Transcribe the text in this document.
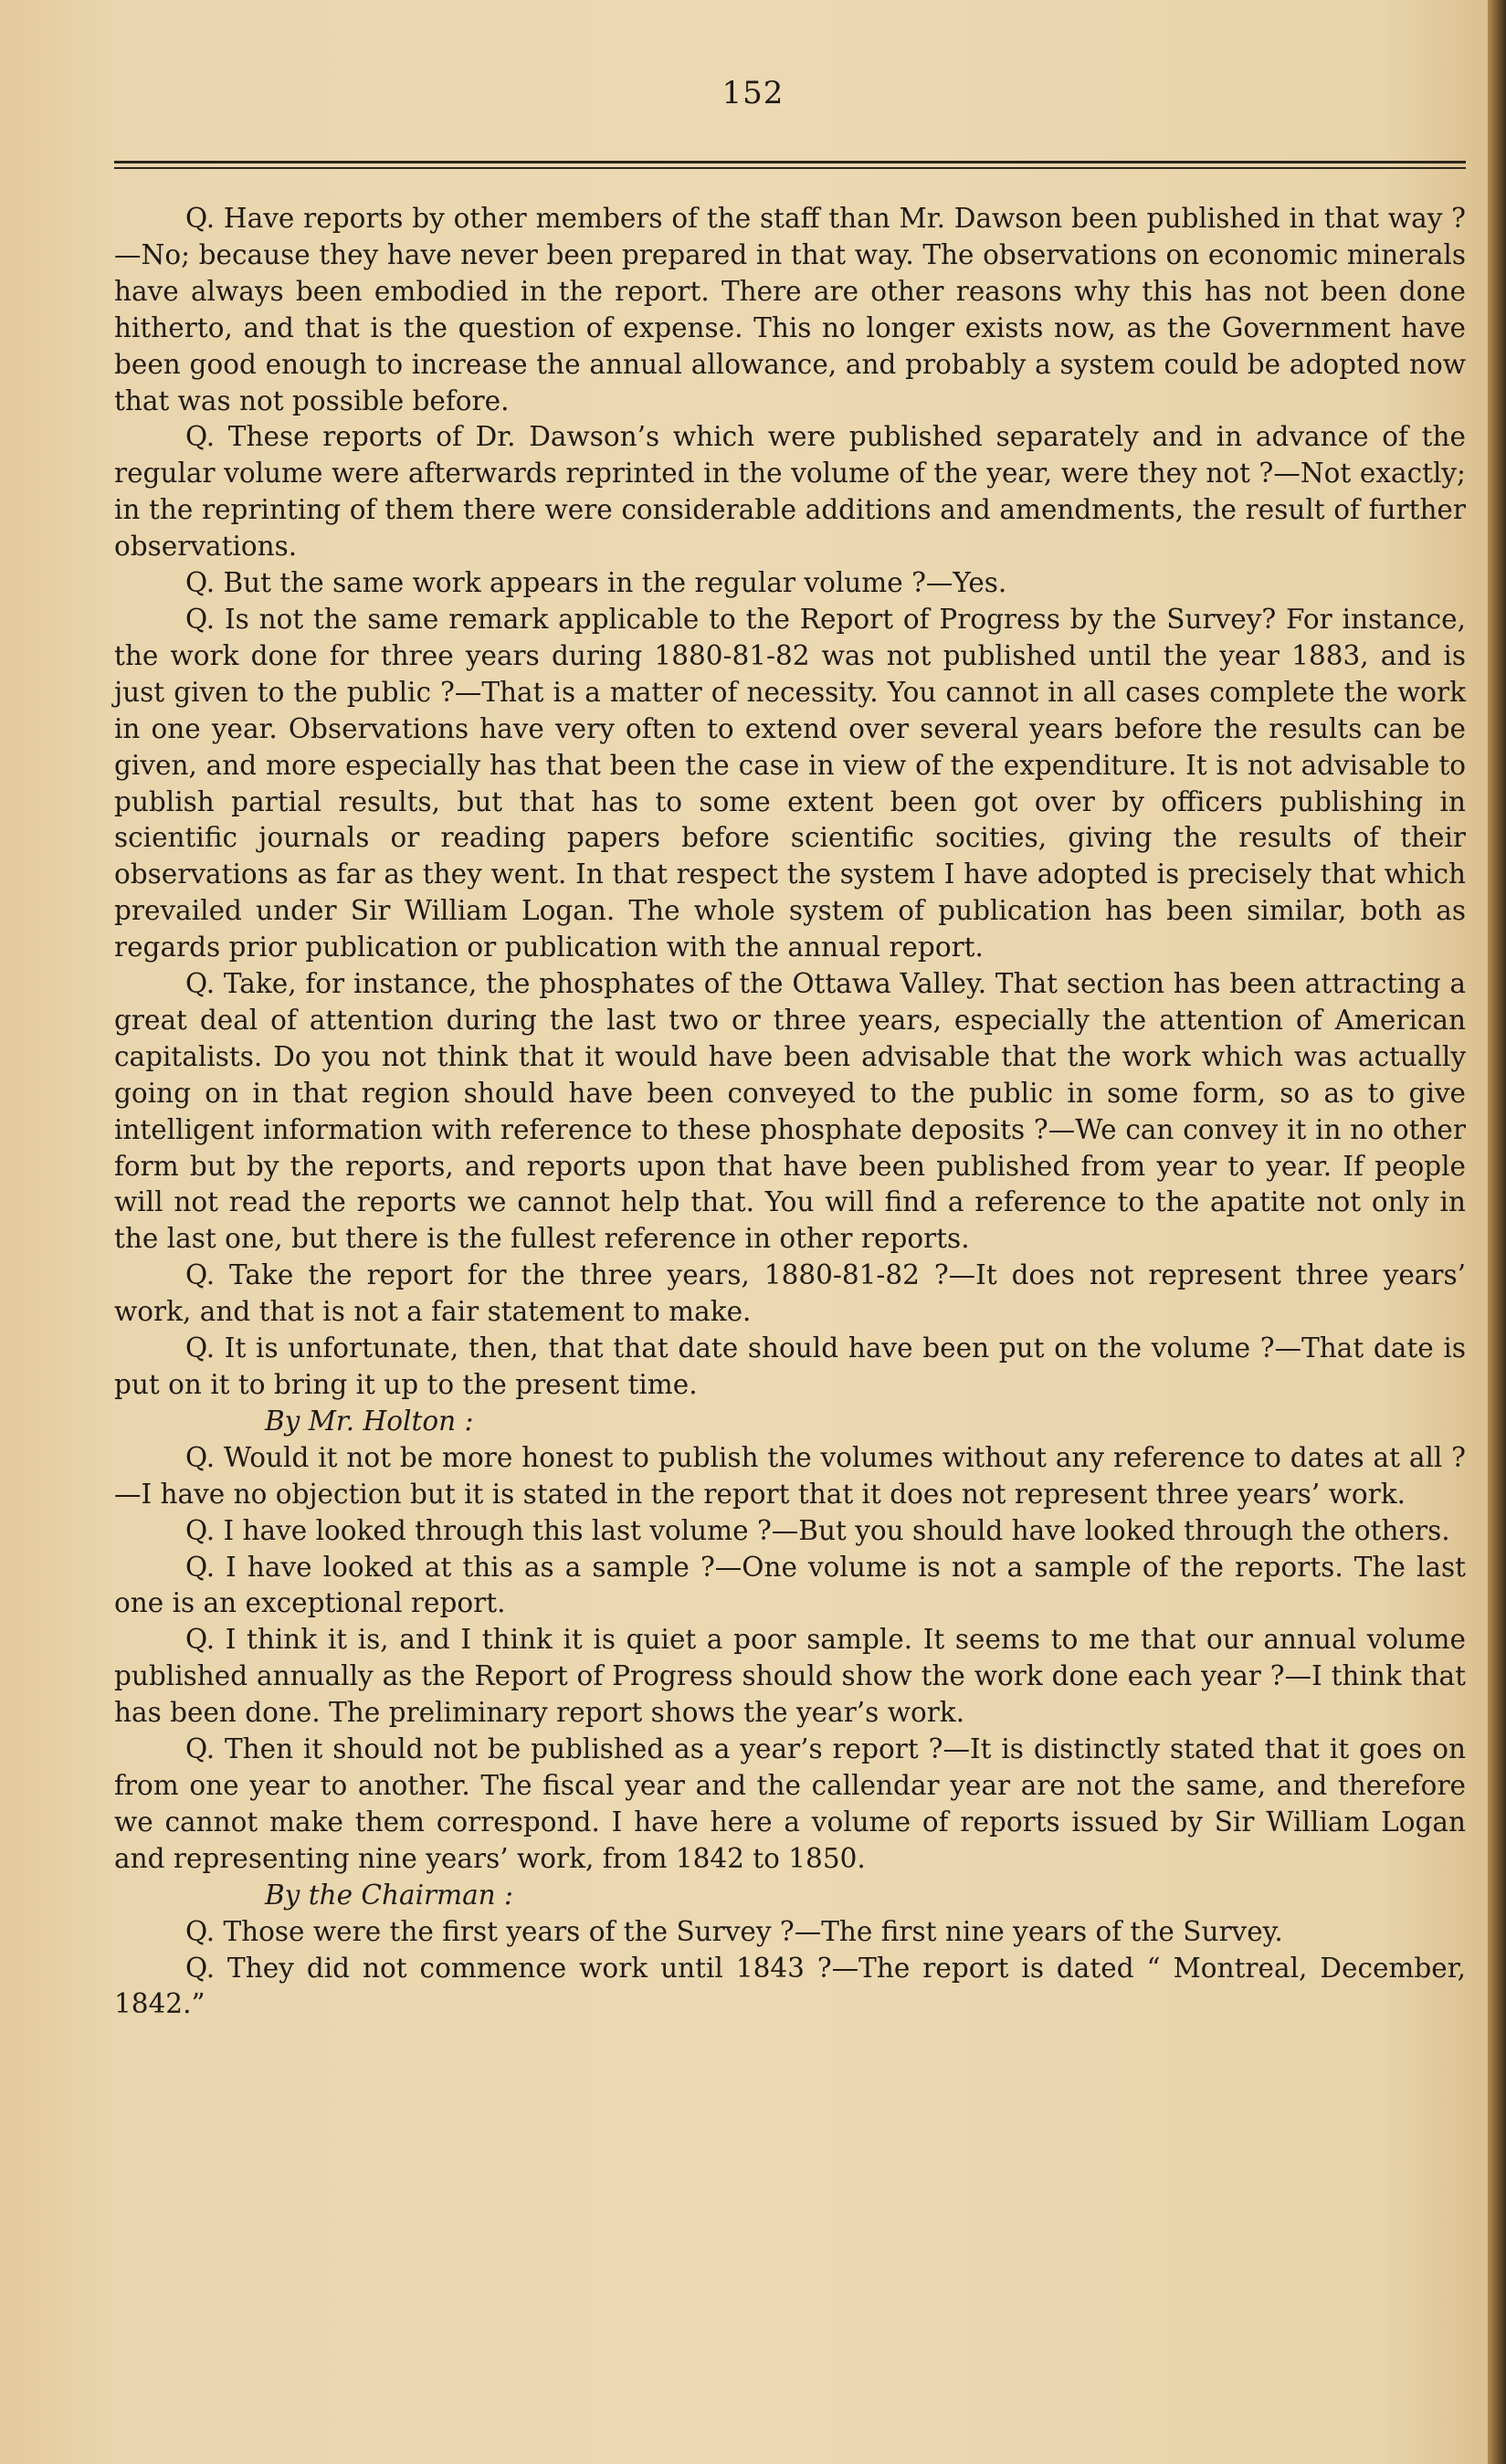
152

Q. Have reports by other members of the staff than Mr. Dawson been published in that way ?—No; because they have never been prepared in that way. The observations on economic minerals have always been embodied in the report. There are other reasons why this has not been done hitherto, and that is the question of expense. This no longer exists now, as the Government have been good enough to increase the annual allowance, and probably a system could be adopted now that was not possible before.

Q. These reports of Dr. Dawson’s which were published separately and in advance of the regular volume were afterwards reprinted in the volume of the year, were they not ?—Not exactly; in the reprinting of them there were considerable additions and amendments, the result of further observations.

Q. But the same work appears in the regular volume ?—Yes.

Q. Is not the same remark applicable to the Report of Progress by the Survey? For instance, the work done for three years during 1880-81-82 was not published until the year 1883, and is just given to the public ?—That is a matter of necessity. You cannot in all cases complete the work in one year. Observations have very often to extend over several years before the results can be given, and more especially has that been the case in view of the expenditure. It is not advisable to publish partial results, but that has to some extent been got over by officers publishing in scientific journals or reading papers before scientific socities, giving the results of their observations as far as they went. In that respect the system I have adopted is precisely that which prevailed under Sir William Logan. The whole system of publication has been similar, both as regards prior publication or publication with the annual report.

Q. Take, for instance, the phosphates of the Ottawa Valley. That section has been attracting a great deal of attention during the last two or three years, especially the attention of American capitalists. Do you not think that it would have been advisable that the work which was actually going on in that region should have been conveyed to the public in some form, so as to give intelligent information with reference to these phosphate deposits ?—We can convey it in no other form but by the reports, and reports upon that have been published from year to year. If people will not read the reports we cannot help that. You will find a reference to the apatite not only in the last one, but there is the fullest reference in other reports.

Q. Take the report for the three years, 1880-81-82 ?—It does not represent three years’ work, and that is not a fair statement to make.

Q. It is unfortunate, then, that that date should have been put on the volume ?—That date is put on it to bring it up to the present time.

By Mr. Holton :

Q. Would it not be more honest to publish the volumes without any reference to dates at all ?—I have no objection but it is stated in the report that it does not represent three years’ work.

Q. I have looked through this last volume ?—But you should have looked through the others.

Q. I have looked at this as a sample ?—One volume is not a sample of the reports. The last one is an exceptional report.

Q. I think it is, and I think it is quiet a poor sample. It seems to me that our annual volume published annually as the Report of Progress should show the work done each year ?—I think that has been done. The preliminary report shows the year’s work.

Q. Then it should not be published as a year’s report ?—It is distinctly stated that it goes on from one year to another. The fiscal year and the callendar year are not the same, and therefore we cannot make them correspond. I have here a volume of reports issued by Sir William Logan and representing nine years’ work, from 1842 to 1850.

By the Chairman :

Q. Those were the first years of the Survey ?—The first nine years of the Survey.

Q. They did not commence work until 1843 ?—The report is dated “ Montreal, December, 1842.”
